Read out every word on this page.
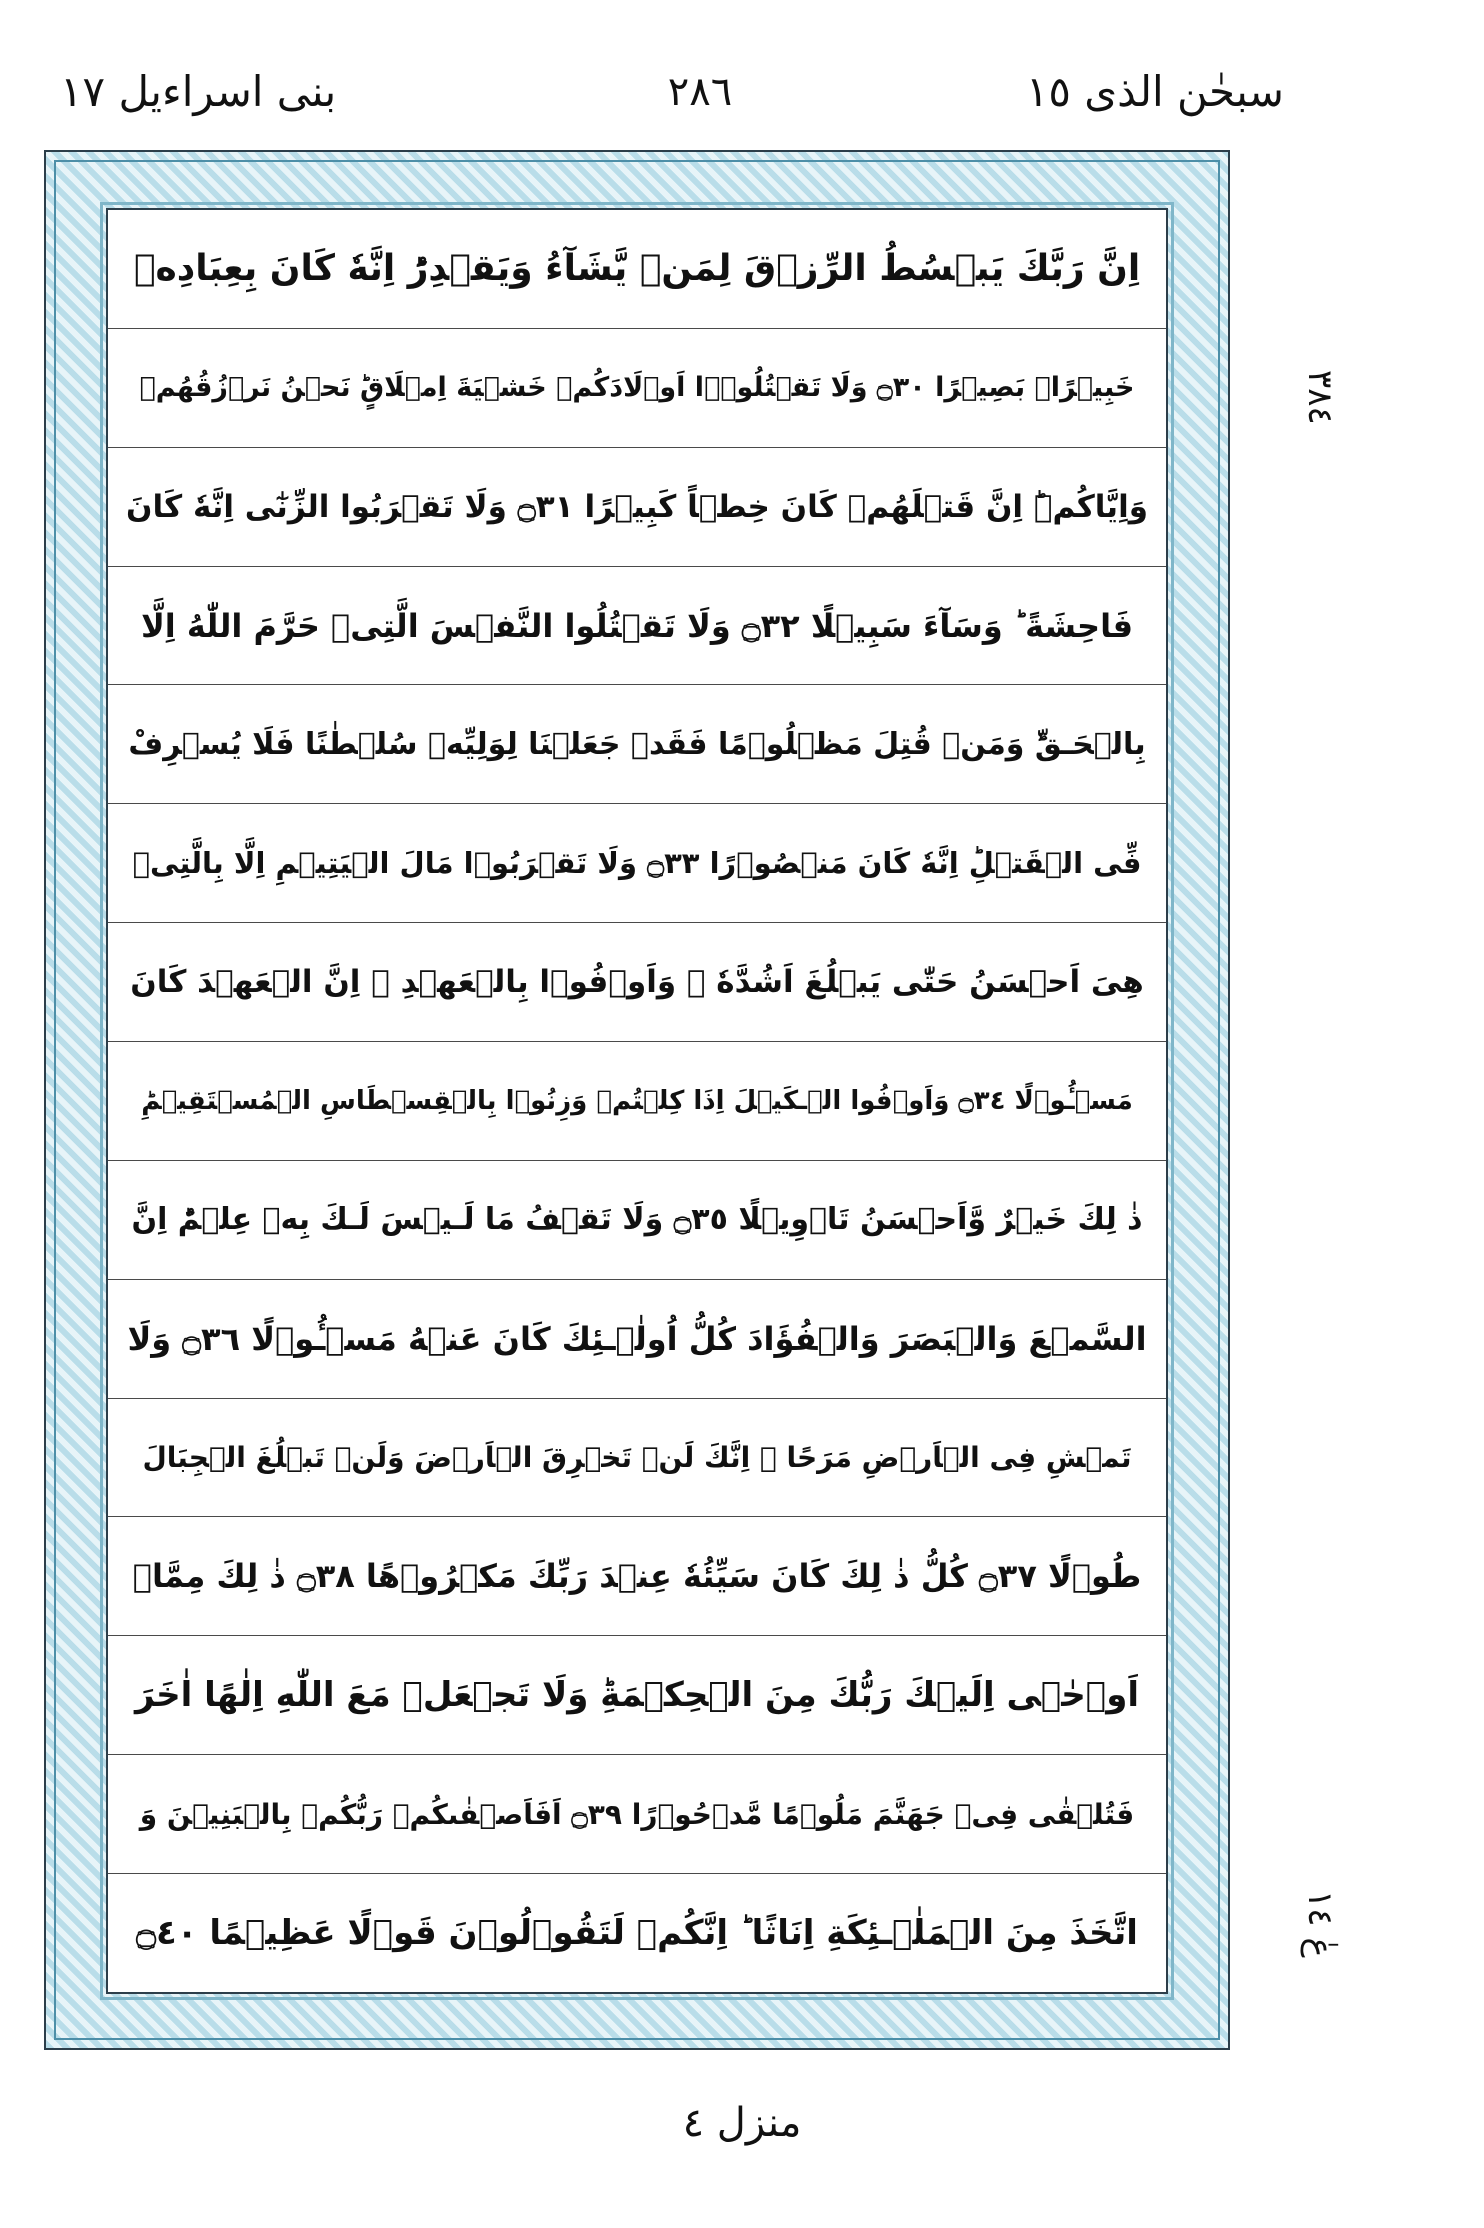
بنی اسراءیل ١٧	٢٨٦	سبحٰن الذی ١٥
اِنَّ رَبَّكَ يَبۡسُطُ الرِّزۡقَ لِمَنۡ يَّشَآءُ وَيَقۡدِرُ‌ؕ اِنَّهٗ كَانَ بِعِبَادِهٖ
خَبِيۡرًاۢ بَصِيۡرًا ۝٣٠ وَلَا تَقۡتُلُوۡۤا اَوۡلَادَكُمۡ خَشۡيَةَ اِمۡلَاقٍ‌ؕ نَحۡنُ نَرۡزُقُهُمۡ
وَاِيَّاكُمۡ‌ؕ اِنَّ قَتۡلَهُمۡ كَانَ خِطۡاً كَبِيۡرًا ۝٣١ وَلَا تَقۡرَبُوا الزِّنٰٓى اِنَّهٗ كَانَ
فَاحِشَةً ؕ وَسَآءَ سَبِيۡلًا ۝٣٢ وَلَا تَقۡتُلُوا النَّفۡسَ الَّتِىۡ حَرَّمَ اللّٰهُ اِلَّا
بِالۡحَـقِّ‌ؕ وَمَنۡ قُتِلَ مَظۡلُوۡمًا فَقَدۡ جَعَلۡنَا لِوَلِيِّهٖ سُلۡطٰنًا فَلَا يُسۡرِفْ
فِّى الۡقَتۡلِ‌ؕ اِنَّهٗ كَانَ مَنۡصُوۡرًا ۝٣٣ وَلَا تَقۡرَبُوۡا مَالَ الۡيَتِيۡمِ اِلَّا بِالَّتِىۡ
هِىَ اَحۡسَنُ حَتّٰى يَبۡلُغَ اَشُدَّهٗ‌ ۖ وَاَوۡفُوۡا بِالۡعَهۡدِ‌ ۚ اِنَّ الۡعَهۡدَ كَانَ
مَسۡـُٔوۡلًا ۝٣٤ وَاَوۡفُوا الۡـكَيۡلَ اِذَا كِلۡتُمۡ وَزِنُوۡا بِالۡقِسۡطَاسِ الۡمُسۡتَقِيۡمِ‌ؕ
ذٰ لِكَ خَيۡرٌ وَّاَحۡسَنُ تَاۡوِيۡلًا ۝٣٥ وَلَا تَقۡفُ مَا لَـيۡسَ لَـكَ بِهٖ عِلۡمٌ‌ؕ اِنَّ
السَّمۡعَ وَالۡبَصَرَ وَالۡفُؤَادَ كُلُّ اُولٰۤـئِكَ كَانَ عَنۡهُ مَسۡـُٔوۡلًا ۝٣٦ وَلَا
تَمۡشِ فِى الۡاَرۡضِ مَرَحًا‌ ۚ اِنَّكَ لَنۡ تَخۡرِقَ الۡاَرۡضَ وَلَنۡ تَبۡلُغَ الۡجِبَالَ
طُوۡلًا ۝٣٧ كُلُّ ذٰ لِكَ كَانَ سَيِّئُهٗ عِنۡدَ رَبِّكَ مَكۡرُوۡهًا ۝٣٨ ذٰ لِكَ مِمَّاۤ
اَوۡحٰۤى اِلَيۡكَ رَبُّكَ مِنَ الۡحِكۡمَةِ‌ؕ وَلَا تَجۡعَلۡ مَعَ اللّٰهِ اِلٰهًا اٰخَرَ
فَتُلۡقٰى فِىۡ جَهَنَّمَ مَلُوۡمًا مَّدۡحُوۡرًا ۝٣٩ اَفَاَصۡفٰٮكُمۡ رَبُّكُمۡ بِالۡبَنِيۡنَ وَ
اتَّخَذَ مِنَ الۡمَلٰۤـئِكَةِ اِنَاثًا‌ ؕ اِنَّكُمۡ لَتَقُوۡلُوۡنَ قَوۡلًا عَظِيۡمًا ۝٤٠
٣٨٤
عٰ ١٤
منزل ٤
